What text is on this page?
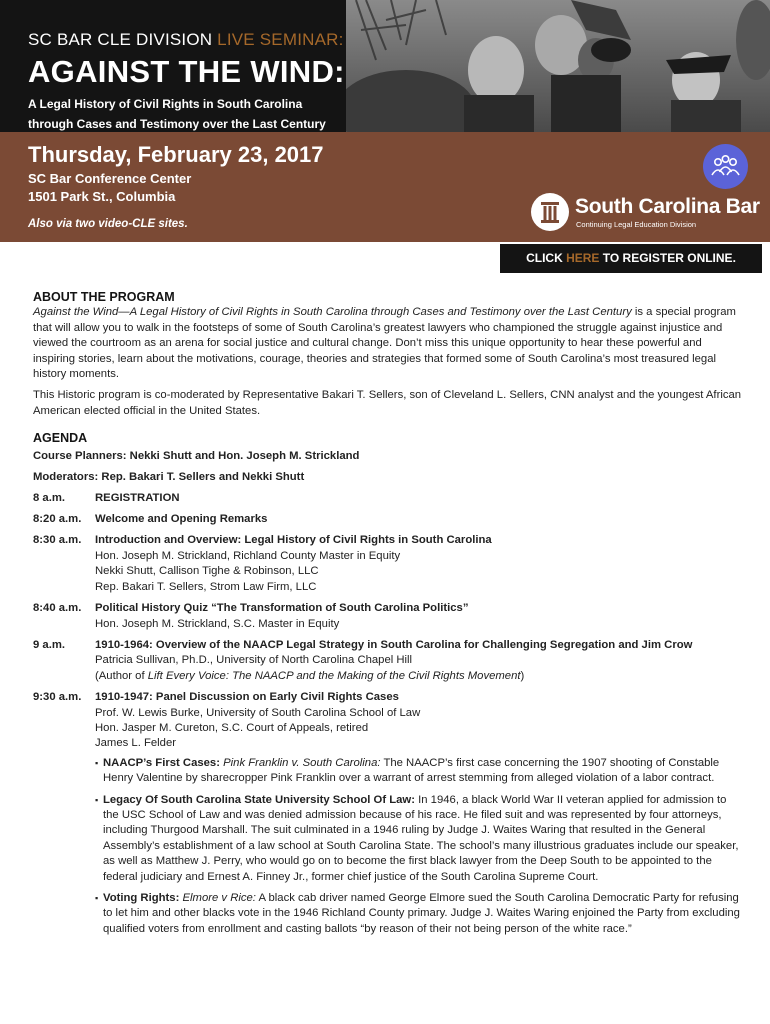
SC BAR CLE DIVISION LIVE SEMINAR:
AGAINST THE WIND:
A Legal History of Civil Rights in South Carolina
through Cases and Testimony over the Last Century
Thursday, February 23, 2017
SC Bar Conference Center
1501 Park St., Columbia
Also via two video-CLE sites.
South Carolina Bar
Continuing Legal Education Division
CLICK HERE TO REGISTER ONLINE.
ABOUT THE PROGRAM

Against the Wind—A Legal History of Civil Rights in South Carolina through Cases and Testimony over the Last Century is a special program that will allow you to walk in the footsteps of some of South Carolina’s greatest lawyers who championed the struggle against injustice and viewed the courtroom as an arena for social justice and cultural change. Don’t miss this unique opportunity to hear these powerful and inspiring stories, learn about the motivations, courage, theories and strategies that formed some of South Carolina’s most treasured legal history moments.

This Historic program is co-moderated by Representative Bakari T. Sellers, son of Cleveland L. Sellers, CNN analyst and the youngest African American elected official in the United States.

AGENDA
Course Planners: Nekki Shutt and Hon. Joseph M. Strickland
Moderators: Rep. Bakari T. Sellers and Nekki Shutt
8 a.m.	REGISTRATION
8:20 a.m.	Welcome and Opening Remarks
8:30 a.m.	Introduction and Overview: Legal History of Civil Rights in South Carolina
Hon. Joseph M. Strickland, Richland County Master in Equity
Nekki Shutt, Callison Tighe & Robinson, LLC
Rep. Bakari T. Sellers, Strom Law Firm, LLC
8:40 a.m.	Political History Quiz “The Transformation of South Carolina Politics”
Hon. Joseph M. Strickland, S.C. Master in Equity
9 a.m.	1910-1964: Overview of the NAACP Legal Strategy in South Carolina for Challenging Segregation and Jim Crow
Patricia Sullivan, Ph.D., University of North Carolina Chapel Hill
(Author of Lift Every Voice: The NAACP and the Making of the Civil Rights Movement)
9:30 a.m.	1910-1947: Panel Discussion on Early Civil Rights Cases
Prof. W. Lewis Burke, University of South Carolina School of Law
Hon. Jasper M. Cureton, S.C. Court of Appeals, retired
James L. Felder
▪ NAACP’s First Cases: Pink Franklin v. South Carolina: The NAACP’s first case concerning the 1907 shooting of Constable Henry Valentine by sharecropper Pink Franklin over a warrant of arrest stemming from alleged violation of a labor contract.
▪ Legacy Of South Carolina State University School Of Law: In 1946, a black World War II veteran applied for admission to the USC School of Law and was denied admission because of his race. He filed suit and was represented by four attorneys, including Thurgood Marshall. The suit culminated in a 1946 ruling by Judge J. Waites Waring that resulted in the General Assembly’s establishment of a law school at South Carolina State. The school’s many illustrious graduates include our speaker, as well as Matthew J. Perry, who would go on to become the first black lawyer from the Deep South to be appointed to the federal judiciary and Ernest A. Finney Jr., former chief justice of the South Carolina Supreme Court.
▪ Voting Rights: Elmore v Rice: A black cab driver named George Elmore sued the South Carolina Democratic Party for refusing to let him and other blacks vote in the 1946 Richland County primary. Judge J. Waites Waring enjoined the Party from excluding qualified voters from enrollment and casting ballots “by reason of their not being person of the white race.”
